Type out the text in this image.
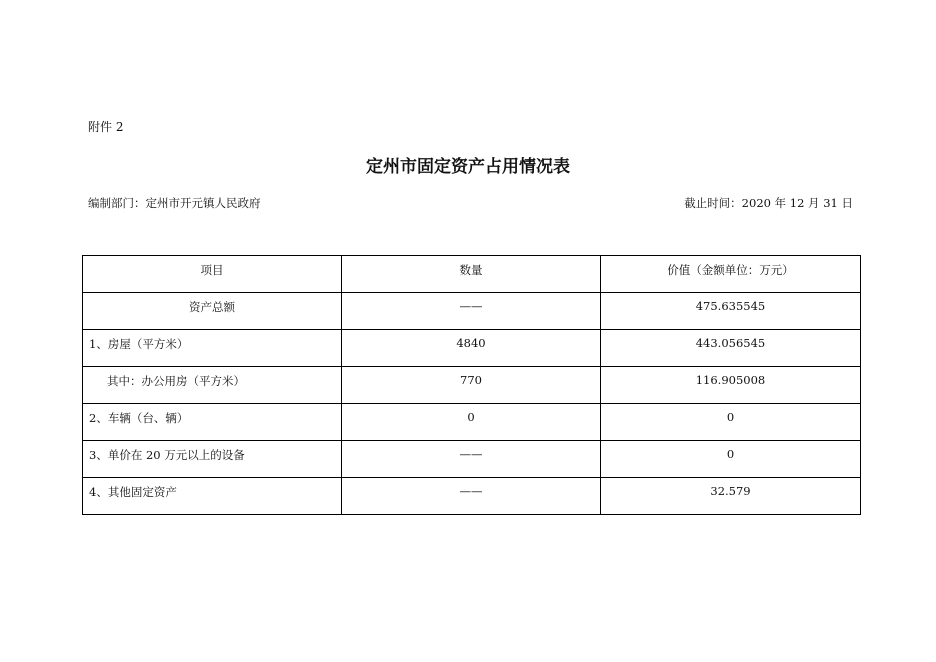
附件 2
定州市固定资产占用情况表
编制部门：定州市开元镇人民政府	截止时间：2020 年 12 月 31 日
项目	数量	价值（金额单位：万元）
资产总额	——	475.635545
1、房屋（平方米）	4840	443.056545
其中：办公用房（平方米）	770	116.905008
2、车辆（台、辆）	0	0
3、单价在 20 万元以上的设备	——	0
4、其他固定资产	——	32.579
